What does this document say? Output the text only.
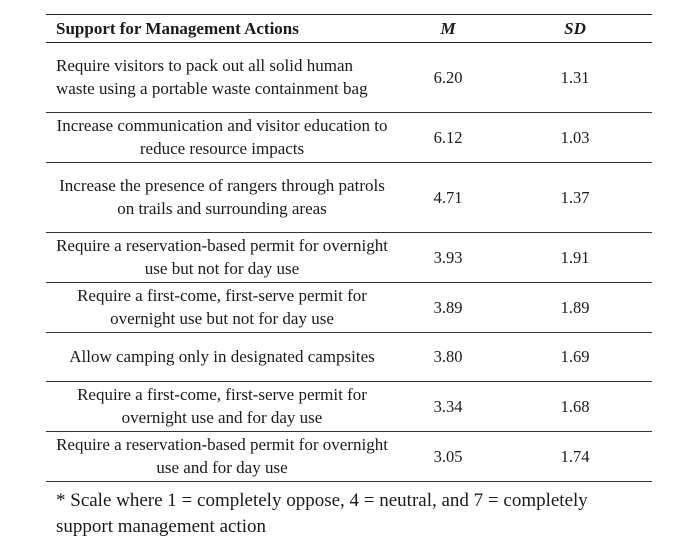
Support for Management Actions	M	SD
Require visitors to pack out all solid human waste using a portable waste containment bag	6.20	1.31
Increase communication and visitor education to reduce resource impacts	6.12	1.03
Increase the presence of rangers through patrols on trails and surrounding areas	4.71	1.37
Require a reservation-based permit for overnight use but not for day use	3.93	1.91
Require a first-come, first-serve permit for overnight use but not for day use	3.89	1.89
Allow camping only in designated campsites	3.80	1.69
Require a first-come, first-serve permit for overnight use and for day use	3.34	1.68
Require a reservation-based permit for overnight use and for day use	3.05	1.74
* Scale where 1 = completely oppose, 4 = neutral, and 7 = completely support management action
